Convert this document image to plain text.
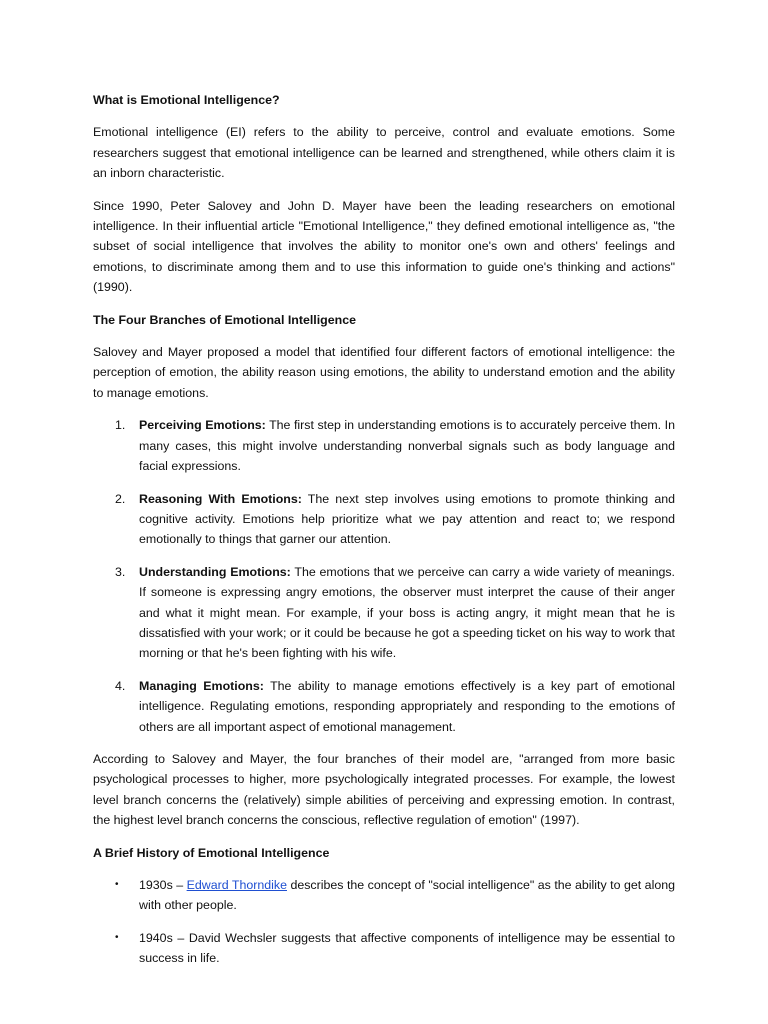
What is Emotional Intelligence?

Emotional intelligence (EI) refers to the ability to perceive, control and evaluate emotions. Some researchers suggest that emotional intelligence can be learned and strengthened, while others claim it is an inborn characteristic.

Since 1990, Peter Salovey and John D. Mayer have been the leading researchers on emotional intelligence. In their influential article "Emotional Intelligence," they defined emotional intelligence as, "the subset of social intelligence that involves the ability to monitor one's own and others' feelings and emotions, to discriminate among them and to use this information to guide one's thinking and actions" (1990).

The Four Branches of Emotional Intelligence

Salovey and Mayer proposed a model that identified four different factors of emotional intelligence: the perception of emotion, the ability reason using emotions, the ability to understand emotion and the ability to manage emotions.

1. Perceiving Emotions: The first step in understanding emotions is to accurately perceive them. In many cases, this might involve understanding nonverbal signals such as body language and facial expressions.
2. Reasoning With Emotions: The next step involves using emotions to promote thinking and cognitive activity. Emotions help prioritize what we pay attention and react to; we respond emotionally to things that garner our attention.
3. Understanding Emotions: The emotions that we perceive can carry a wide variety of meanings. If someone is expressing angry emotions, the observer must interpret the cause of their anger and what it might mean. For example, if your boss is acting angry, it might mean that he is dissatisfied with your work; or it could be because he got a speeding ticket on his way to work that morning or that he's been fighting with his wife.
4. Managing Emotions: The ability to manage emotions effectively is a key part of emotional intelligence. Regulating emotions, responding appropriately and responding to the emotions of others are all important aspect of emotional management.

According to Salovey and Mayer, the four branches of their model are, "arranged from more basic psychological processes to higher, more psychologically integrated processes. For example, the lowest level branch concerns the (relatively) simple abilities of perceiving and expressing emotion. In contrast, the highest level branch concerns the conscious, reflective regulation of emotion" (1997).

A Brief History of Emotional Intelligence
• 1930s – Edward Thorndike describes the concept of "social intelligence" as the ability to get along with other people.
• 1940s – David Wechsler suggests that affective components of intelligence may be essential to success in life.
